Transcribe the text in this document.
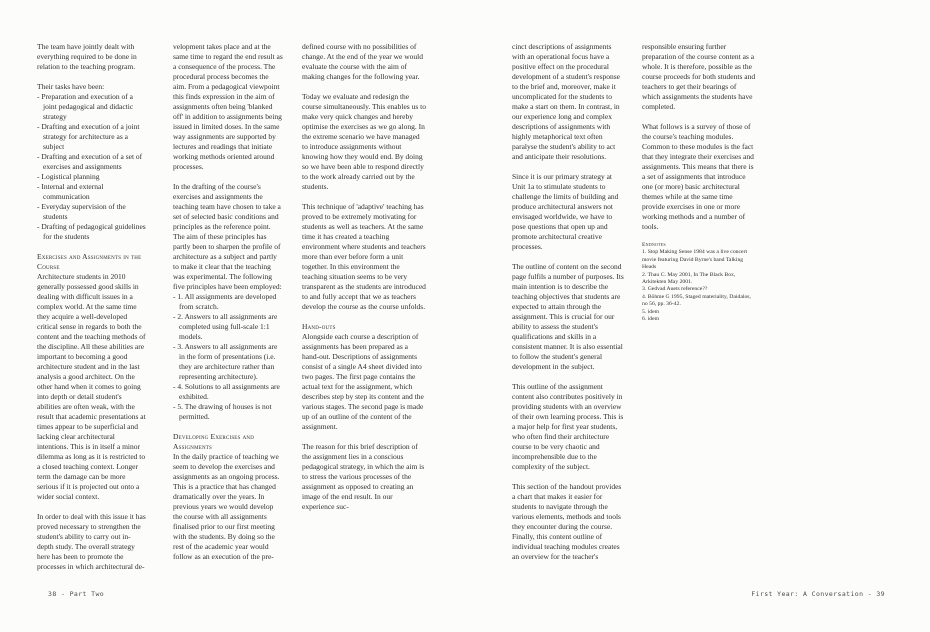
The team have jointly dealt with everything required to be done in relation to the teaching program.

Their tasks have been:

- Preparation and execution of a joint pedagogical and didactic strategy
- Drafting and execution of a joint strategy for architecture as a subject
- Drafting and execution of a set of exercises and assignments
- Logistical planning
- Internal and external communication
- Everyday supervision of the students
- Drafting of pedagogical guidelines for the students
Exercises and Assignments in the Course

Architecture students in 2010 generally possessed good skills in dealing with difficult issues in a complex world. At the same time they acquire a well-developed critical sense in regards to both the content and the teaching methods of the discipline. All these abilities are important to becoming a good architecture student and in the last analysis a good architect. On the other hand when it comes to going into depth or detail student's abilities are often weak, with the result that academic presentations at times appear to be superficial and lacking clear architectural intentions. This is in itself a minor dilemma as long as it is restricted to a closed teaching context. Longer term the damage can be more serious if it is projected out onto a wider social context.

In order to deal with this issue it has proved necessary to strengthen the student's ability to carry out in-depth study. The overall strategy here has been to promote the processes in which architectural de-

velopment takes place and at the same time to regard the end result as a consequence of the process. The procedural process becomes the aim. From a pedagogical viewpoint this finds expression in the aim of assignments often being 'blanked off' in addition to assignments being issued in limited doses. In the same way assignments are supported by lectures and readings that initiate working methods oriented around processes.

In the drafting of the course's exercises and assignments the teaching team have chosen to take a set of selected basic conditions and principles as the reference point. The aim of these principles has partly been to sharpen the profile of architecture as a subject and partly to make it clear that the teaching was experimental. The following five principles have been employed:

- 1. All assignments are developed from scratch.
- 2. Answers to all assignments are completed using full-scale 1:1 models.
- 3. Answers to all assignments are in the form of presentations (i.e. they are architecture rather than representing architecture).
- 4. Solutions to all assignments are exhibited.
- 5. The drawing of houses is not permitted.
Developing Exercises and Assignments

In the daily practice of teaching we seem to develop the exercises and assignments as an ongoing process. This is a practice that has changed dramatically over the years. In previous years we would develop the course with all assignments finalised prior to our first meeting with the students. By doing so the rest of the academic year would follow as an execution of the pre-

defined course with no possibilities of change. At the end of the year we would evaluate the course with the aim of making changes for the following year.

Today we evaluate and redesign the course simultaneously. This enables us to make very quick changes and hereby optimise the exercises as we go along. In the extreme scenario we have managed to introduce assignments without knowing how they would end. By doing so we have been able to respond directly to the work already carried out by the students.

This technique of 'adaptive' teaching has proved to be extremely motivating for students as well as teachers. At the same time it has created a teaching environment where students and teachers more than ever before form a unit together. In this environment the teaching situation seems to be very transparent as the students are introduced to and fully accept that we as teachers develop the course as the course unfolds.

Hand-outs

Alongside each course a description of assignments has been prepared as a hand-out. Descriptions of assignments consist of a single A4 sheet divided into two pages. The first page contains the actual text for the assignment, which describes step by step its content and the various stages. The second page is made up of an outline of the content of the assignment.

The reason for this brief description of the assignment lies in a conscious pedagogical strategy, in which the aim is to stress the various processes of the assignment as opposed to creating an image of the end result. In our experience suc-

38 - Part Two

cinct descriptions of assignments with an operational focus have a positive effect on the procedural development of a student's response to the brief and, moreover, make it uncomplicated for the students to make a start on them. In contrast, in our experience long and complex descriptions of assignments with highly metaphorical text often paralyse the student's ability to act and anticipate their resolutions.

Since it is our primary strategy at Unit 1a to stimulate students to challenge the limits of building and produce architectural answers not envisaged worldwide, we have to pose questions that open up and promote architectural creative processes.

The outline of content on the second page fulfils a number of purposes. Its main intention is to describe the teaching objectives that students are expected to attain through the assignment. This is crucial for our ability to assess the student's qualifications and skills in a consistent manner. It is also essential to follow the student's general development in the subject.

This outline of the assignment content also contributes positively in providing students with an overview of their own learning process. This is a major help for first year students, who often find their architecture course to be very chaotic and incomprehensible due to the complexity of the subject.

This section of the handout provides a chart that makes it easier for students to navigate through the various elements, methods and tools they encounter during the course. Finally, this content outline of individual teaching modules creates an overview for the teacher's

responsible ensuring further preparation of the course content as a whole. It is therefore, possible as the course proceeds for both students and teachers to get their bearings of which assignments the students have completed.

What follows is a survey of those of the course's teaching modules. Common to these modules is the fact that they integrate their exercises and assignments. This means that there is a set of assignments that introduce one (or more) basic architectural themes while at the same time provide exercises in one or more working methods and a number of tools.

Endnotes

1. Stop Making Sense 1984 was a live concert movie featuring David Byrne's band Talking Heads

2. Thau C. May 2001, In The Black Box, Arkitekten May 2001.

3. Gedvad Auets reference??

4. Böhme G 1995, Staged materiality, Daidalos, no 56, pp. 36-42.

5. idem

6. idem

First Year: A Conversation - 39
